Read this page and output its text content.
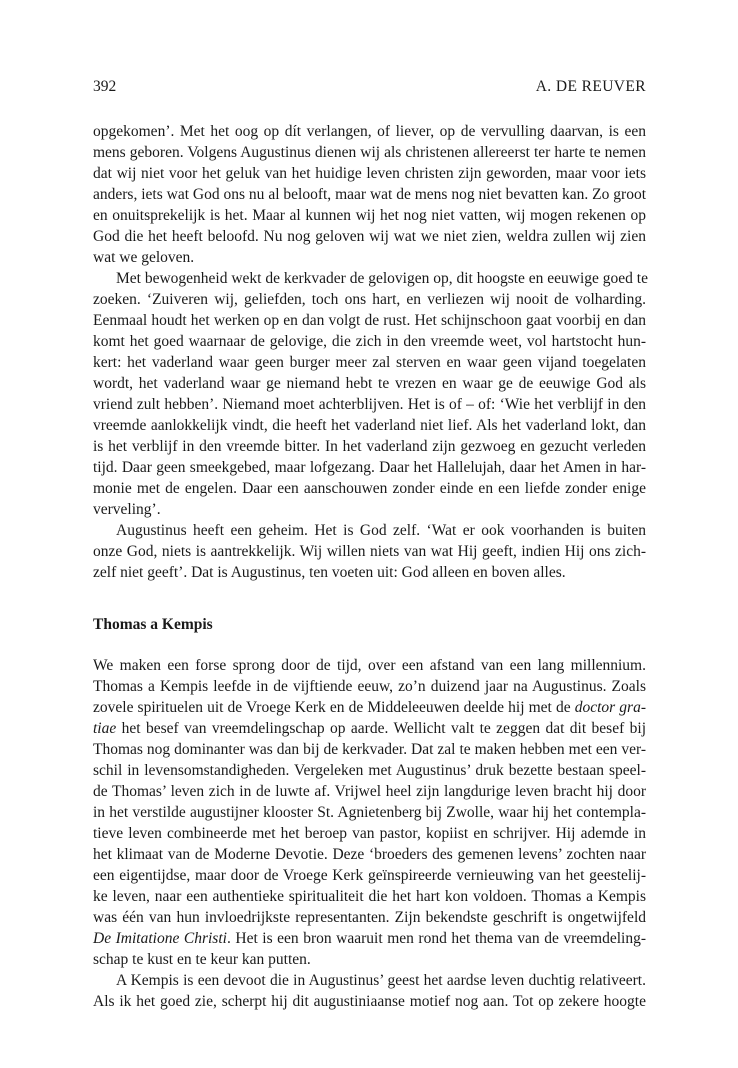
392	A. DE REUVER
opgekomen’. Met het oog op dít verlangen, of liever, op de vervulling daarvan, is een
mens geboren. Volgens Augustinus dienen wij als christenen allereerst ter harte te nemen
dat wij niet voor het geluk van het huidige leven christen zijn geworden, maar voor iets
anders, iets wat God ons nu al belooft, maar wat de mens nog niet bevatten kan. Zo groot
en onuitsprekelijk is het. Maar al kunnen wij het nog niet vatten, wij mogen rekenen op
God die het heeft beloofd. Nu nog geloven wij wat we niet zien, weldra zullen wij zien
wat we geloven.
Met bewogenheid wekt de kerkvader de gelovigen op, dit hoogste en eeuwige goed te
zoeken. ‘Zuiveren wij, geliefden, toch ons hart, en verliezen wij nooit de volharding.
Eenmaal houdt het werken op en dan volgt de rust. Het schijnschoon gaat voorbij en dan
komt het goed waarnaar de gelovige, die zich in den vreemde weet, vol hartstocht hun-
kert: het vaderland waar geen burger meer zal sterven en waar geen vijand toegelaten
wordt, het vaderland waar ge niemand hebt te vrezen en waar ge de eeuwige God als
vriend zult hebben’. Niemand moet achterblijven. Het is of – of: ‘Wie het verblijf in den
vreemde aanlokkelijk vindt, die heeft het vaderland niet lief. Als het vaderland lokt, dan
is het verblijf in den vreemde bitter. In het vaderland zijn gezwoeg en gezucht verleden
tijd. Daar geen smeekgebed, maar lofgezang. Daar het Hallelujah, daar het Amen in har-
monie met de engelen. Daar een aanschouwen zonder einde en een liefde zonder enige
verveling’.
Augustinus heeft een geheim. Het is God zelf. ‘Wat er ook voorhanden is buiten
onze God, niets is aantrekkelijk. Wij willen niets van wat Hij geeft, indien Hij ons zich-
zelf niet geeft’. Dat is Augustinus, ten voeten uit: God alleen en boven alles.
Thomas a Kempis
We maken een forse sprong door de tijd, over een afstand van een lang millennium.
Thomas a Kempis leefde in de vijftiende eeuw, zo’n duizend jaar na Augustinus. Zoals
zovele spirituelen uit de Vroege Kerk en de Middeleeuwen deelde hij met de doctor gra-
tiae het besef van vreemdelingschap op aarde. Wellicht valt te zeggen dat dit besef bij
Thomas nog dominanter was dan bij de kerkvader. Dat zal te maken hebben met een ver-
schil in levensomstandigheden. Vergeleken met Augustinus’ druk bezette bestaan speel-
de Thomas’ leven zich in de luwte af. Vrijwel heel zijn langdurige leven bracht hij door
in het verstilde augustijner klooster St. Agnietenberg bij Zwolle, waar hij het contempla-
tieve leven combineerde met het beroep van pastor, kopiist en schrijver. Hij ademde in
het klimaat van de Moderne Devotie. Deze ‘broeders des gemenen levens’ zochten naar
een eigentijdse, maar door de Vroege Kerk geïnspireerde vernieuwing van het geestelij-
ke leven, naar een authentieke spiritualiteit die het hart kon voldoen. Thomas a Kempis
was één van hun invloedrijkste representanten. Zijn bekendste geschrift is ongetwijfeld
De Imitatione Christi. Het is een bron waaruit men rond het thema van de vreemdeling-
schap te kust en te keur kan putten.
A Kempis is een devoot die in Augustinus’ geest het aardse leven duchtig relativeert.
Als ik het goed zie, scherpt hij dit augustiniaanse motief nog aan. Tot op zekere hoogte
